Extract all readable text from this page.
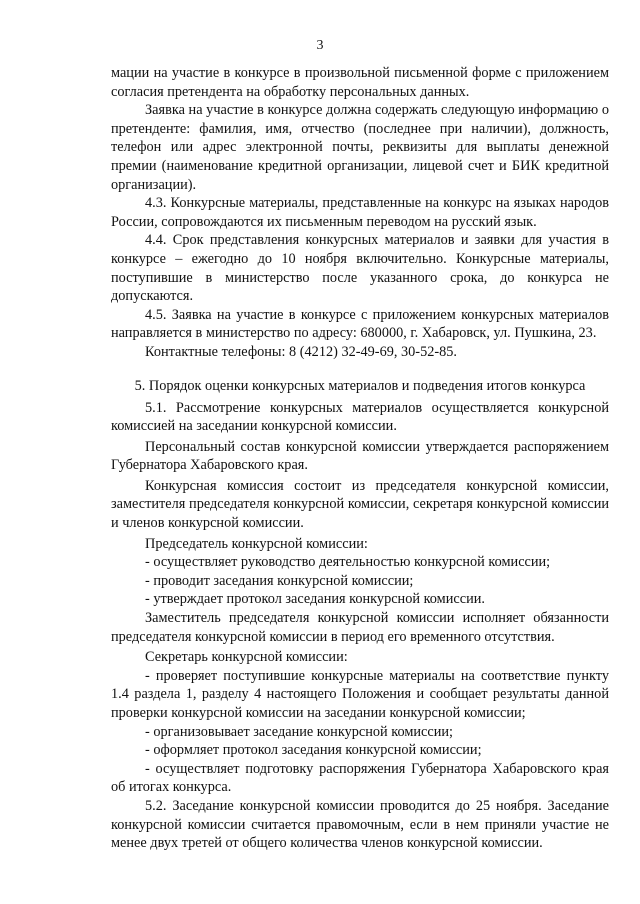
3

мации на участие в конкурсе в произвольной письменной форме с приложением согласия претендента на обработку персональных данных.

Заявка на участие в конкурсе должна содержать следующую информацию о претенденте: фамилия, имя, отчество (последнее при наличии), должность, телефон или адрес электронной почты, реквизиты для выплаты денежной премии (наименование кредитной организации, лицевой счет и БИК кредитной организации).

4.3. Конкурсные материалы, представленные на конкурс на языках народов России, сопровождаются их письменным переводом на русский язык.

4.4. Срок представления конкурсных материалов и заявки для участия в конкурсе – ежегодно до 10 ноября включительно. Конкурсные материалы, поступившие в министерство после указанного срока, до конкурса не допускаются.

4.5. Заявка на участие в конкурсе с приложением конкурсных материалов направляется в министерство по адресу: 680000, г. Хабаровск, ул. Пушкина, 23.

Контактные телефоны: 8 (4212) 32-49-69, 30-52-85.

5. Порядок оценки конкурсных материалов и подведения итогов конкурса

5.1. Рассмотрение конкурсных материалов осуществляется конкурсной комиссией на заседании конкурсной комиссии.

Персональный состав конкурсной комиссии утверждается распоряжением Губернатора Хабаровского края.

Конкурсная комиссия состоит из председателя конкурсной комиссии, заместителя председателя конкурсной комиссии, секретаря конкурсной комиссии и членов конкурсной комиссии.

Председатель конкурсной комиссии:

- осуществляет руководство деятельностью конкурсной комиссии;

- проводит заседания конкурсной комиссии;

- утверждает протокол заседания конкурсной комиссии.

Заместитель председателя конкурсной комиссии исполняет обязанности председателя конкурсной комиссии в период его временного отсутствия.

Секретарь конкурсной комиссии:

- проверяет поступившие конкурсные материалы на соответствие пункту 1.4 раздела 1, разделу 4 настоящего Положения и сообщает результаты данной проверки конкурсной комиссии на заседании конкурсной комиссии;

- организовывает заседание конкурсной комиссии;

- оформляет протокол заседания конкурсной комиссии;

- осуществляет подготовку распоряжения Губернатора Хабаровского края об итогах конкурса.

5.2. Заседание конкурсной комиссии проводится до 25 ноября. Заседание конкурсной комиссии считается правомочным, если в нем приняли участие не менее двух третей от общего количества членов конкурсной комиссии.
